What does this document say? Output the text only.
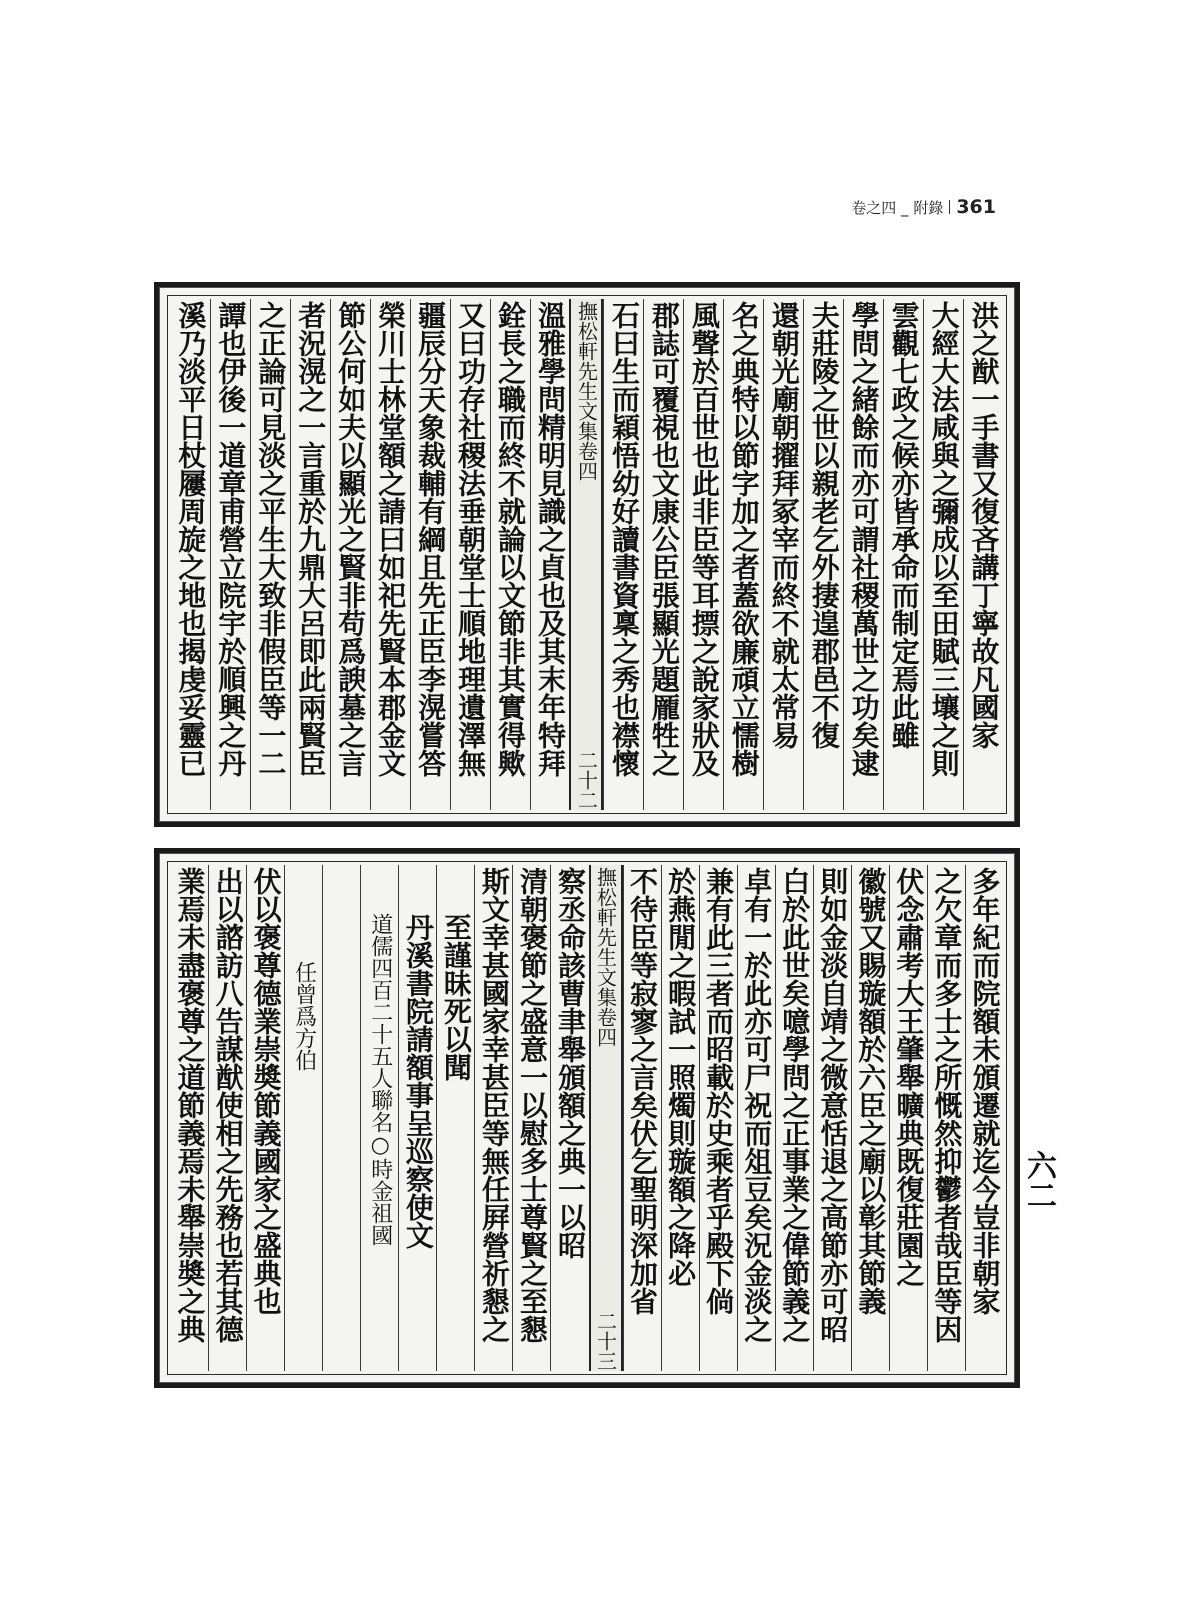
卷之四 _ 附錄 361
洪之猷一手書又復吝講丁寧故凡國家
大經大法咸與之彌成以至田賦三壤之則
雲觀七政之候亦皆承命而制定焉此雖
學問之緒餘而亦可謂社稷萬世之功矣逮
夫莊陵之世以親老乞外捿遑郡邑不復
還朝光廟朝擢拜冢宰而終不就太常易
名之典特以節字加之者蓋欲廉頑立懦樹
風聲於百世也此非臣等耳摽之說家狀及
郡誌可覆視也文康公臣張顯光題龎牲之
石曰生而穎悟幼好讀書資稟之秀也襟懷
撫松軒先生文集卷四
二十二
溫雅學問精明見識之貞也及其末年特拜
銓長之職而終不就論以文節非其實得歟
又曰功存社稷法垂朝堂士順地理遺澤無
疆辰分天象裁輔有綱且先正臣李滉嘗答
榮川士林堂額之請曰如祀先賢本郡金文
節公何如夫以顯光之賢非苟爲諛墓之言
者況滉之一言重於九鼎大呂即此兩賢臣
之正論可見淡之平生大致非假臣等一二
譚也伊後一道章甫營立院宇於順興之丹
溪乃淡平日杖屨周旋之地也揭虔妥靈已
多年紀而院額未頒遷就迄今豈非朝家
之欠章而多士之所慨然抑鬱者哉臣等因
伏念肅考大王肇舉曠典既復莊園之
徽號又賜璇額於六臣之廟以彰其節義
則如金淡自靖之微意恬退之高節亦可昭
白於此世矣噫學問之正事業之偉節義之
卓有一於此亦可尸祝而俎豆矣況金淡之
兼有此三者而昭載於史乘者乎殿下倘
於燕閒之暇試一照燭則璇額之降必
不待臣等寂寥之言矣伏乞聖明深加省
撫松軒先生文集卷四
二十三
察丞命該曹聿舉頒額之典一以昭
清朝褒節之盛意一以慰多士尊賢之至懇
斯文幸甚國家幸甚臣等無任屛營祈懇之
至謹昧死以聞
丹溪書院請額事呈巡察使文
道儒四百二十五人聯名○時金祖國
任曾爲方伯
伏以褒尊德業崇奬節義國家之盛典也
出以諮訪八告謀猷使相之先務也若其德
業焉未盡褒尊之道節義焉未舉崇奬之典	六二
